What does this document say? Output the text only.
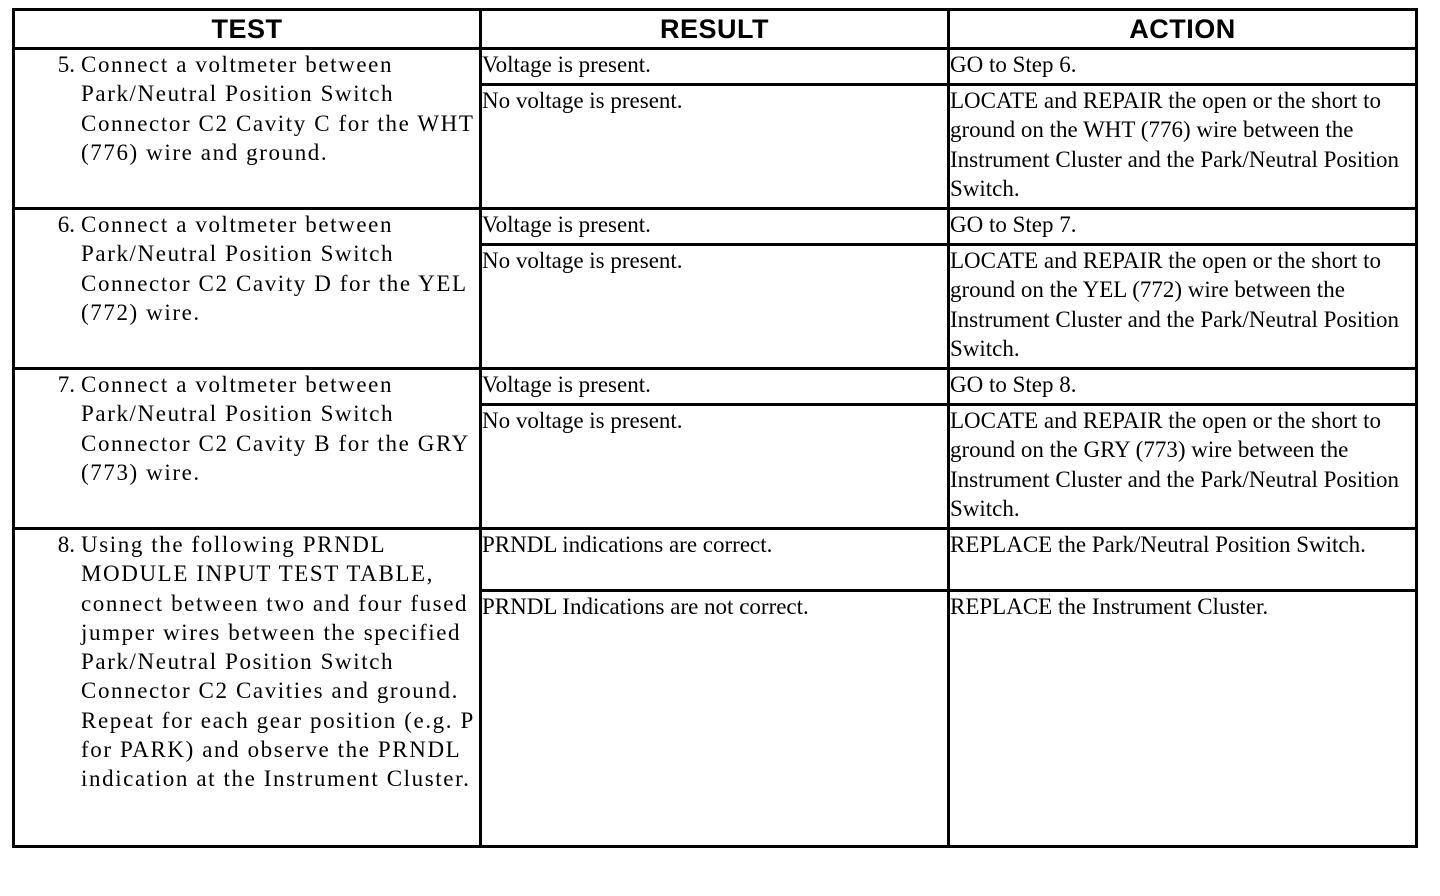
TEST	RESULT	ACTION

5. Connect a voltmeter between Park/Neutral Position Switch Connector C2 Cavity C for the WHT (776) wire and ground.	Voltage is present.	GO to Step 6.
	No voltage is present.	LOCATE and REPAIR the open or the short to ground on the WHT (776) wire between the Instrument Cluster and the Park/Neutral Position Switch.

6. Connect a voltmeter between Park/Neutral Position Switch Connector C2 Cavity D for the YEL (772) wire.	Voltage is present.	GO to Step 7.
	No voltage is present.	LOCATE and REPAIR the open or the short to ground on the YEL (772) wire between the Instrument Cluster and the Park/Neutral Position Switch.

7. Connect a voltmeter between Park/Neutral Position Switch Connector C2 Cavity B for the GRY (773) wire.	Voltage is present.	GO to Step 8.
	No voltage is present.	LOCATE and REPAIR the open or the short to ground on the GRY (773) wire between the Instrument Cluster and the Park/Neutral Position Switch.

8. Using the following PRNDL MODULE INPUT TEST TABLE, connect between two and four fused jumper wires between the specified Park/Neutral Position Switch Connector C2 Cavities and ground. Repeat for each gear position (e.g. P for PARK) and observe the PRNDL indication at the Instrument Cluster.	PRNDL indications are correct.	REPLACE the Park/Neutral Position Switch.
	PRNDL Indications are not correct.	REPLACE the Instrument Cluster.
